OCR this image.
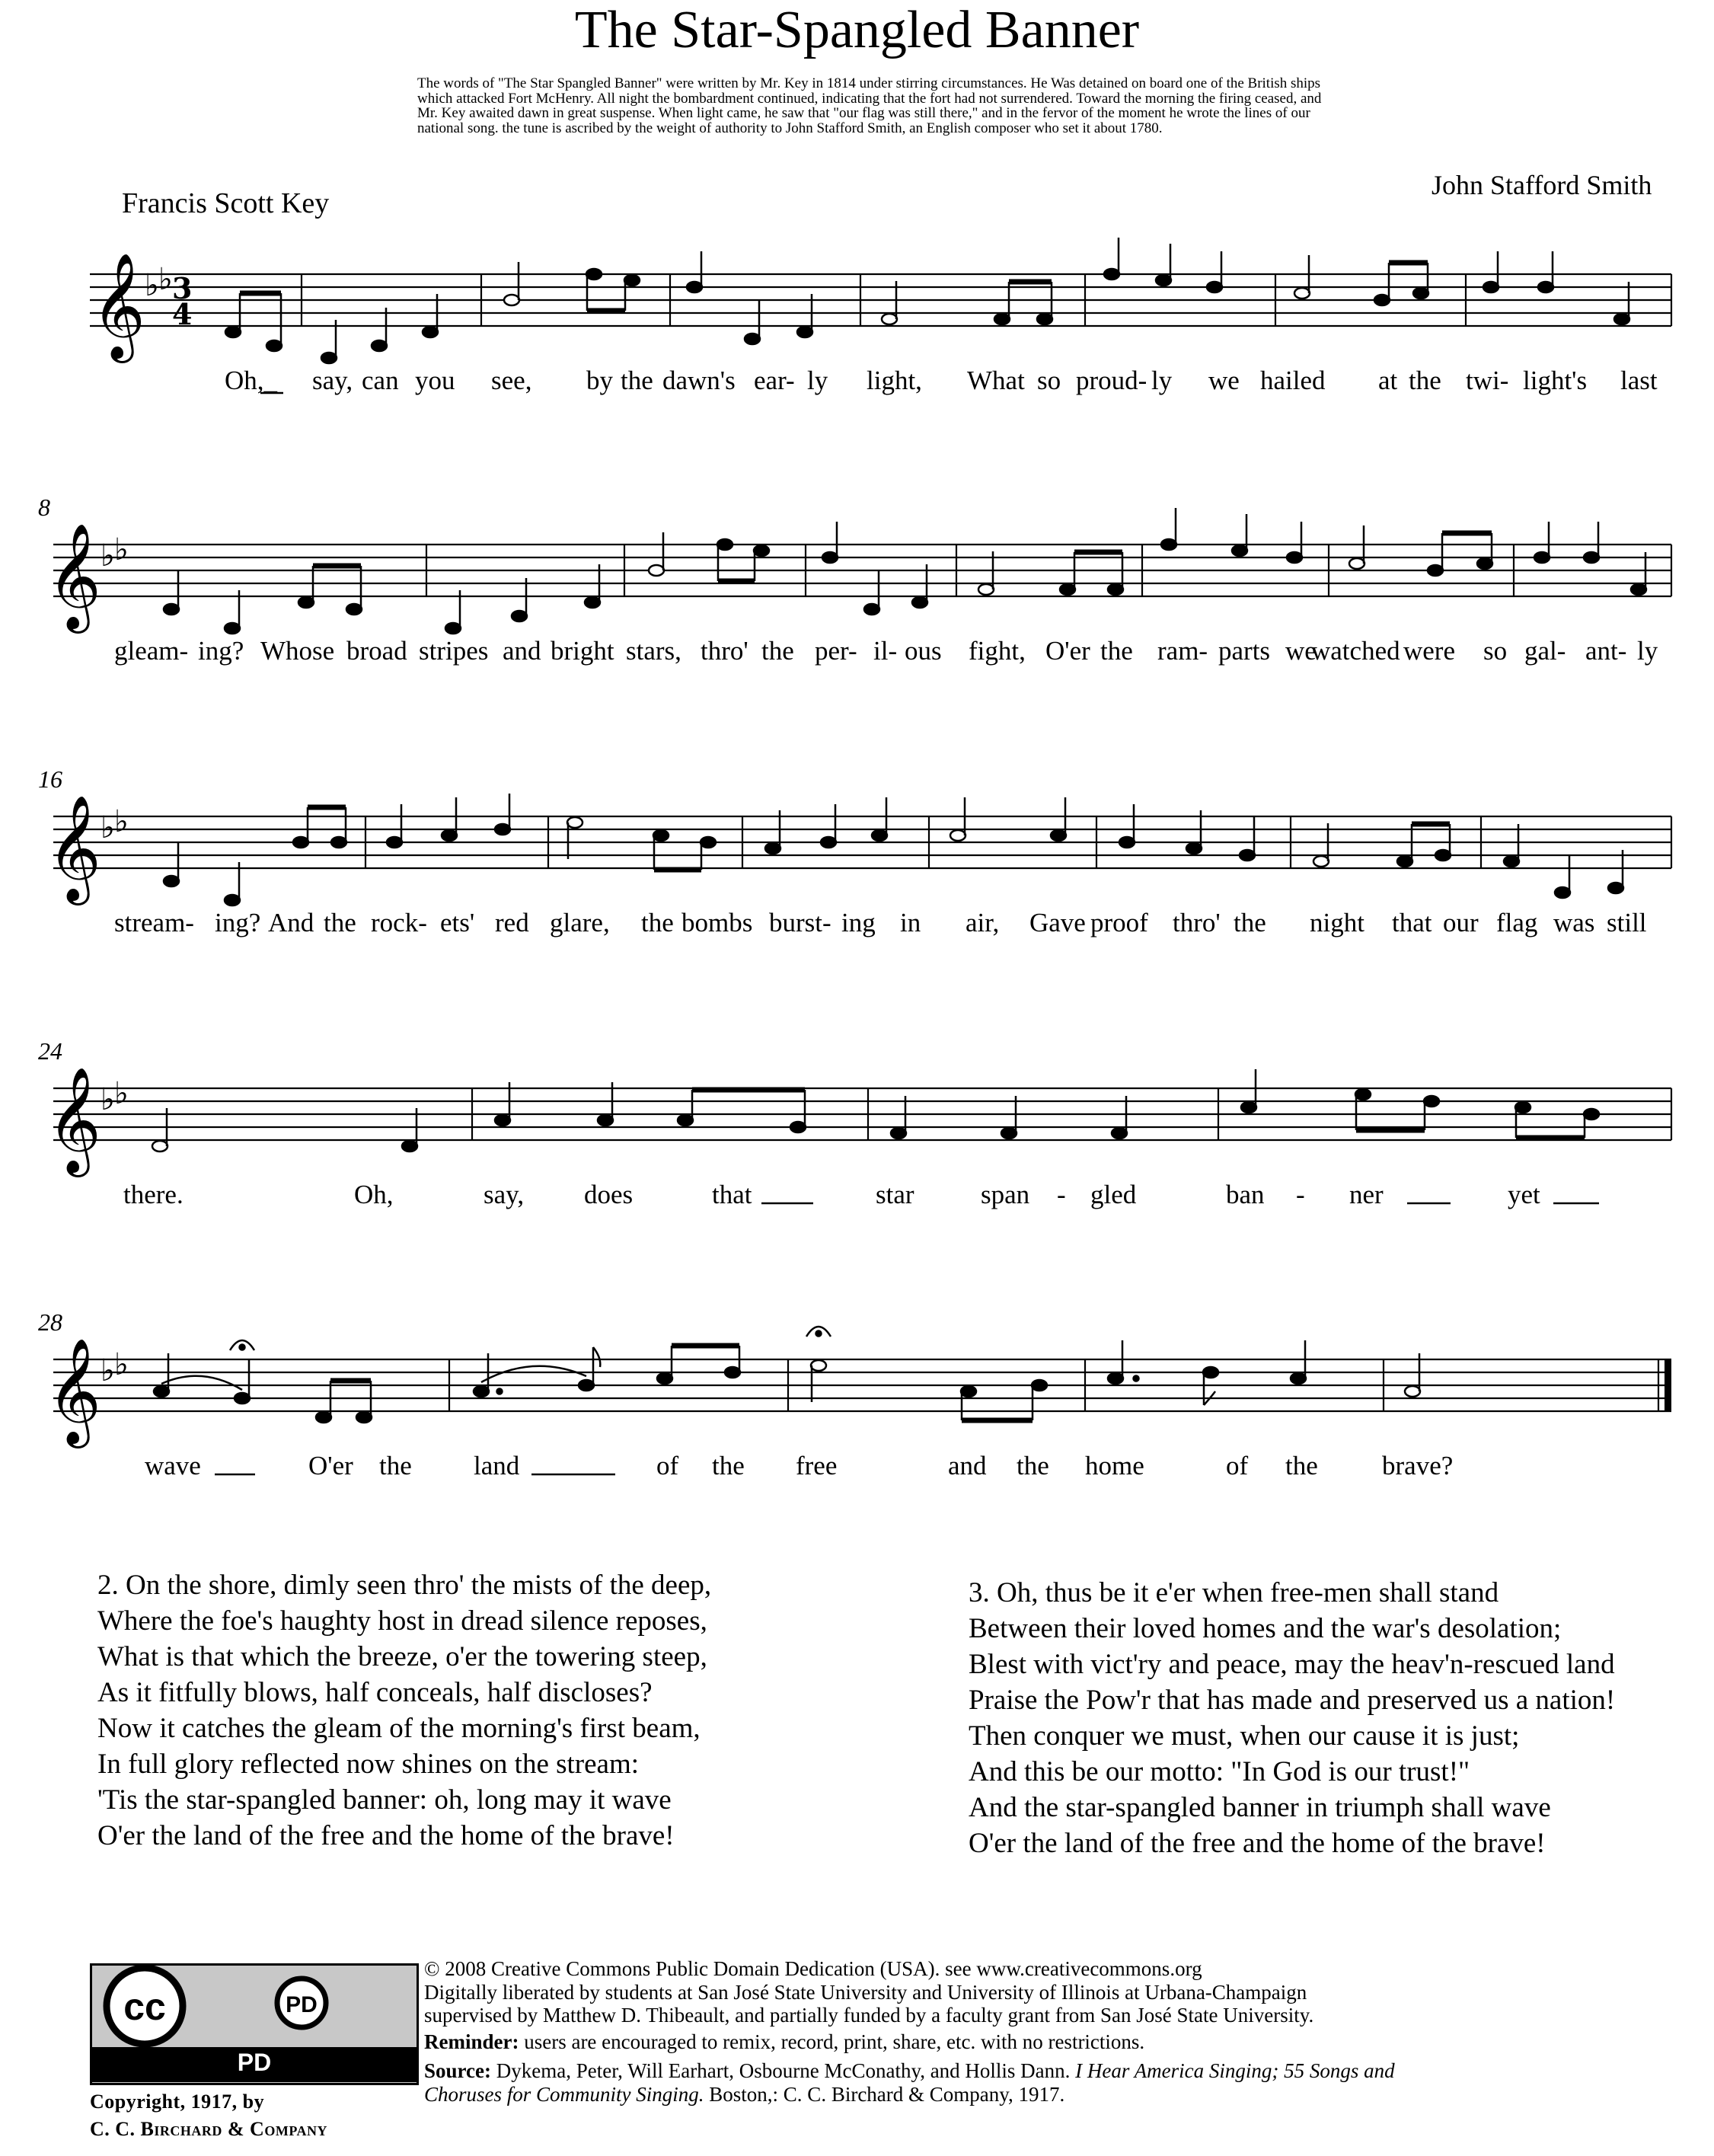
The Star-Spangled Banner
The words of "The Star Spangled Banner" were written by Mr. Key in 1814 under stirring circumstances. He Was detained on board one of the British ships which attacked Fort McHenry. All night the bombardment continued, indicating that the fort had not surrendered. Toward the morning the firing ceased, and Mr. Key awaited dawn in great suspense. When light came, he saw that "our flag was still there," and in the fervor of the moment he wrote the lines of our national song. the tune is ascribed by the weight of authority to John Stafford Smith, an English composer who set it about 1780.
Francis Scott Key
John Stafford Smith
𝄞 ♭ ♭ 3
4
Oh,_ say, can you see, by the dawn's ear- ly light, What so proud- ly we hailed at the twi- light's last
8
𝄞 ♭ ♭
gleam- ing? Whose broad stripes and bright stars, thro' the per- il- ous fight, O'er the ram- parts we
watched were so gal- ant- ly
16
𝄞 ♭ ♭
stream- ing? And the rock- ets' red glare, the bombs burst- ing in air, Gave proof thro' the night that our flag was still
24
𝄞 ♭ ♭
there.	Oh,	say, does	that	star span - gled	ban - ner	yet
28
𝄞 ♭ ♭
wave	O'er the land	of the free	and the home	of the brave?
2. On the shore, dimly seen thro' the mists of the deep,
Where the foe's haughty host in dread silence reposes,
What is that which the breeze, o'er the towering steep,
As it fitfully blows, half conceals, half discloses?
Now it catches the gleam of the morning's first beam,
In full glory reflected now shines on the stream:
'Tis the star-spangled banner: oh, long may it wave
O'er the land of the free and the home of the brave!
3. Oh, thus be it e'er when free-men shall stand
Between their loved homes and the war's desolation;
Blest with vict'ry and peace, may the heav'n-rescued land
Praise the Pow'r that has made and preserved us a nation!
Then conquer we must, when our cause it is just;
And this be our motto: "In God is our trust!"
And the star-spangled banner in triumph shall wave
O'er the land of the free and the home of the brave!
cc	PD
PD
Copyright, 1917, by
C. C. Birchard & Company
© 2008 Creative Commons Public Domain Dedication (USA). see www.creativecommons.org
Digitally liberated by students at San José State University and University of Illinois at Urbana-Champaign
supervised by Matthew D. Thibeault, and partially funded by a faculty grant from San José State University.
Reminder: users are encouraged to remix, record, print, share, etc. with no restrictions.
Source: Dykema, Peter, Will Earhart, Osbourne McConathy, and Hollis Dann. I Hear America Singing; 55 Songs and Choruses for Community Singing. Boston,: C. C. Birchard & Company, 1917.
